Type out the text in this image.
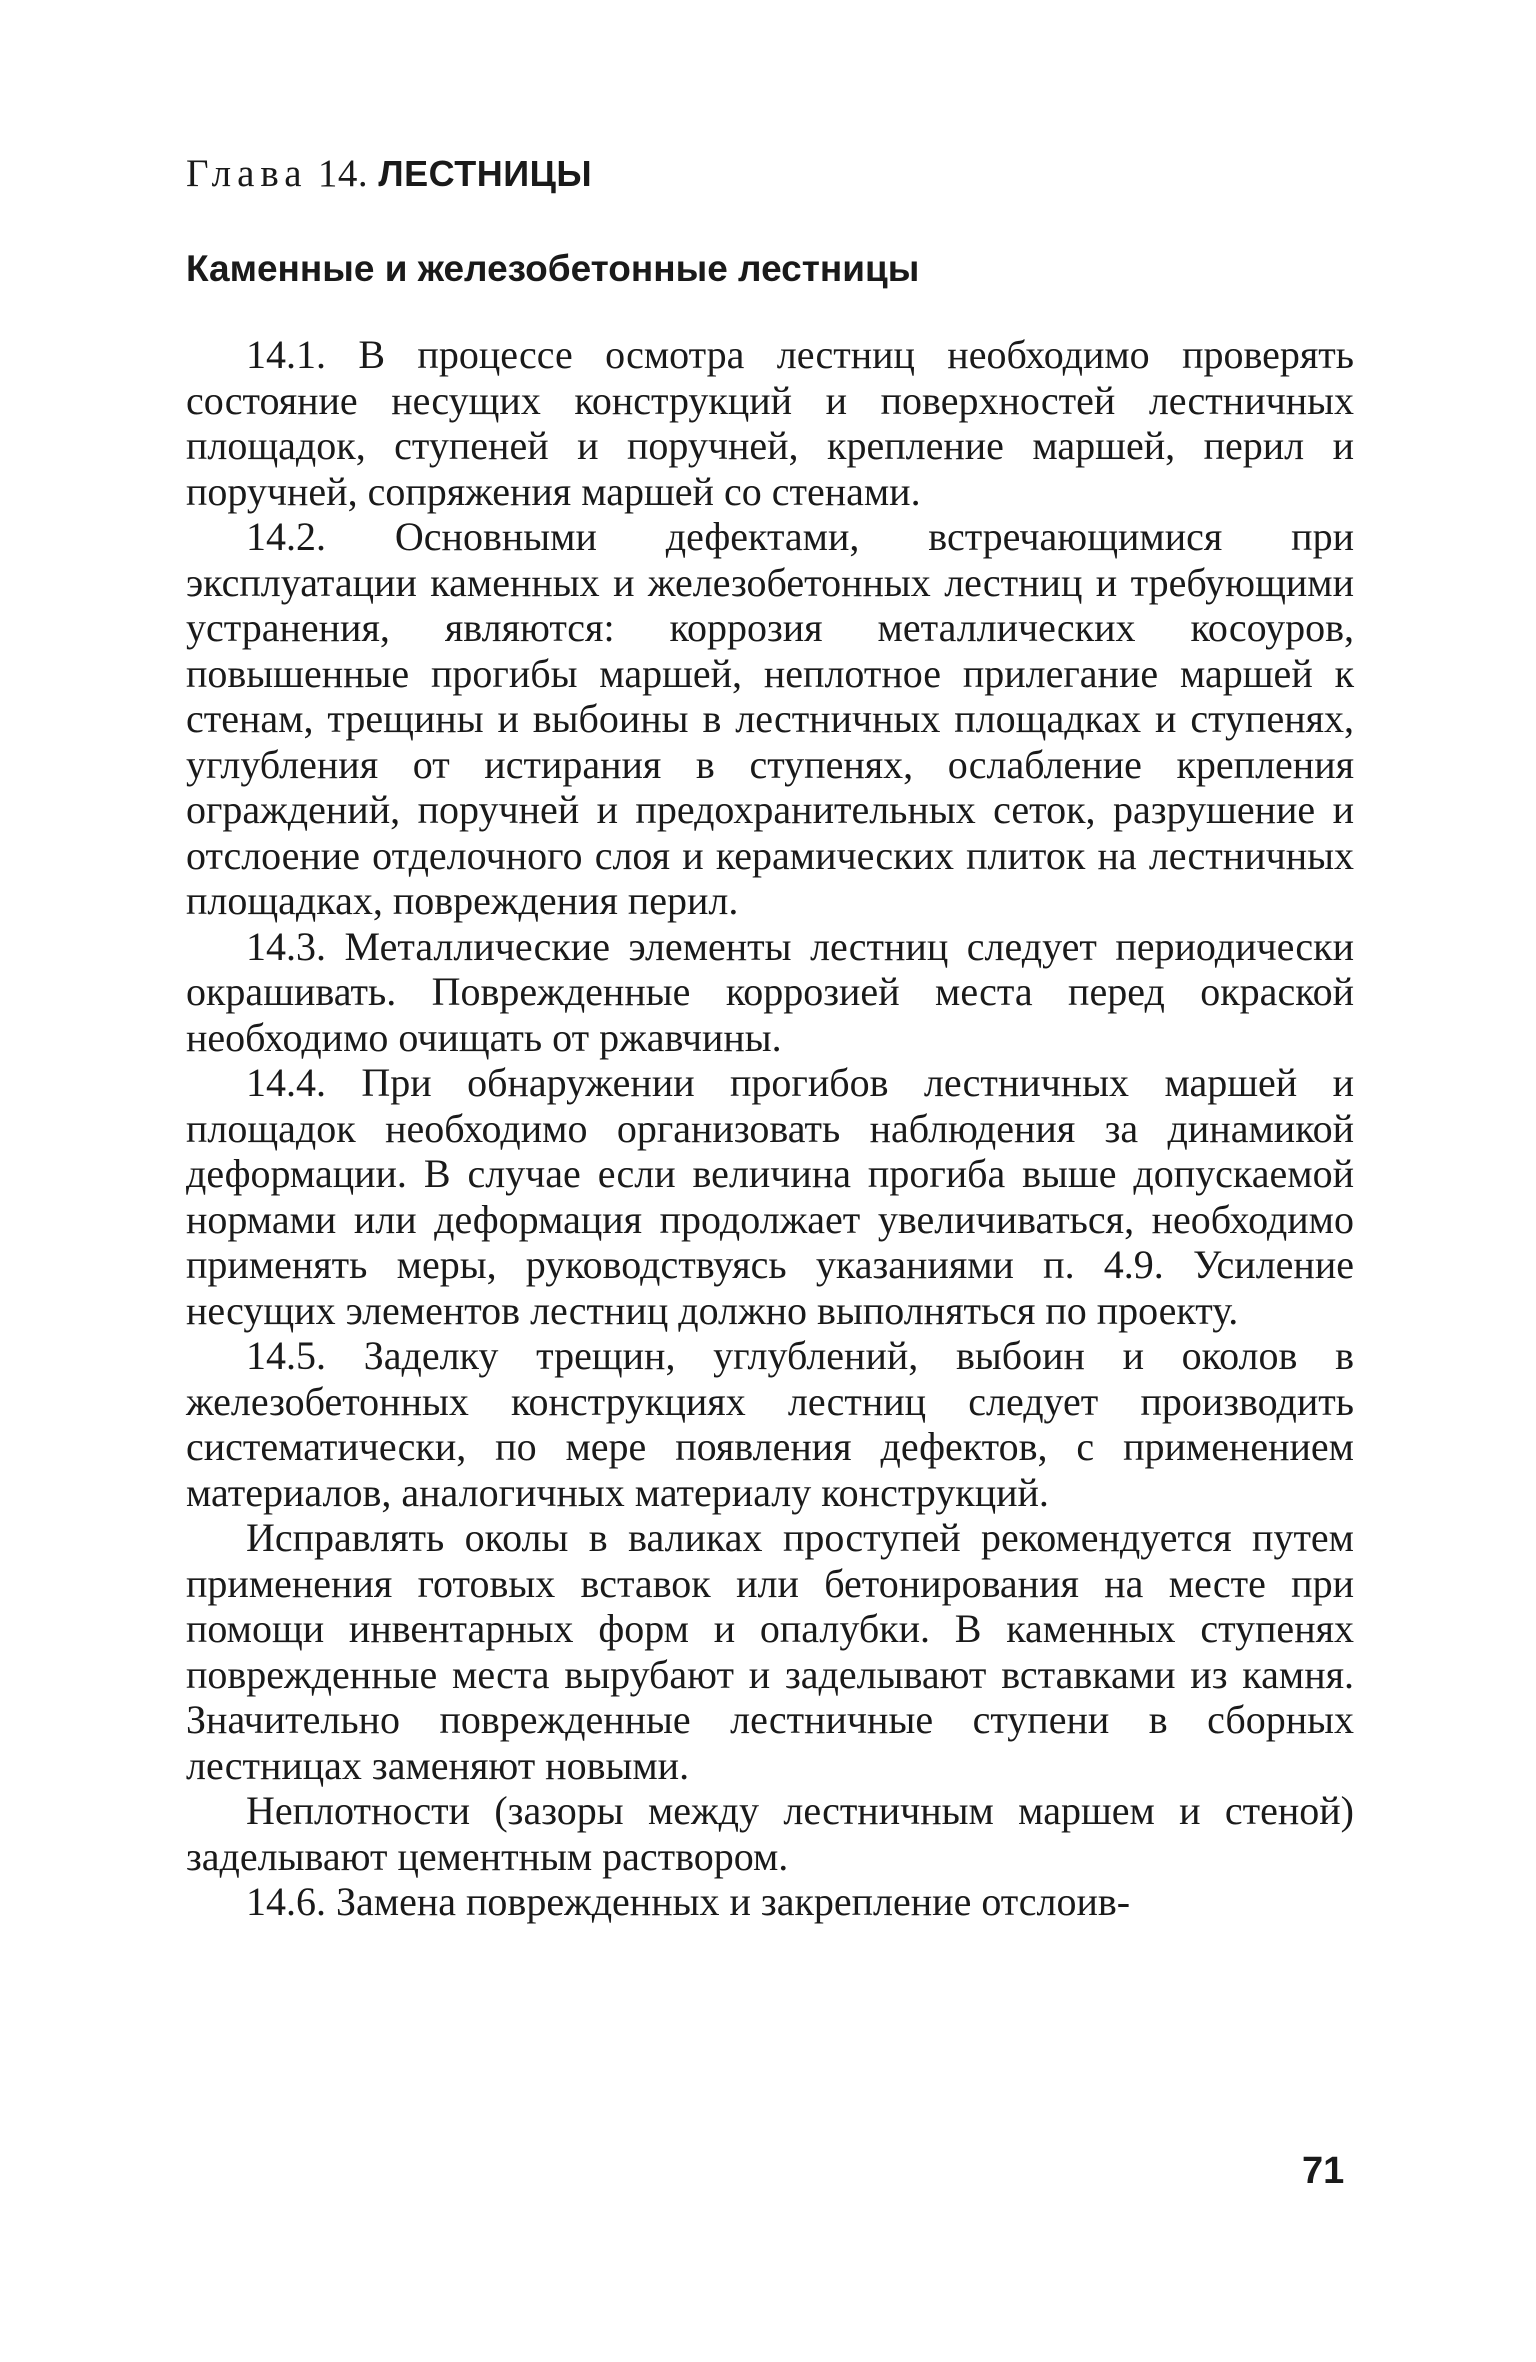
Глава 14. ЛЕСТНИЦЫ
Каменные и железобетонные лестницы

14.1. В процессе осмотра лестниц необходимо проверять состояние несущих конструкций и поверхностей лестничных площадок, ступеней и поручней, крепление маршей, перил и поручней, сопряжения маршей со стенами.

14.2. Основными дефектами, встречающимися при эксплуатации каменных и железобетонных лестниц и требующими устранения, являются: коррозия металлических косоуров, повышенные прогибы маршей, неплотное прилегание маршей к стенам, трещины и выбоины в лестничных площадках и ступенях, углубления от истирания в ступенях, ослабление крепления ограждений, поручней и предохранительных сеток, разрушение и отслоение отделочного слоя и керамических плиток на лестничных площадках, повреждения перил.

14.3. Металлические элементы лестниц следует периодически окрашивать. Поврежденные коррозией места перед окраской необходимо очищать от ржавчины.

14.4. При обнаружении прогибов лестничных маршей и площадок необходимо организовать наблюдения за динамикой деформации. В случае если величина прогиба выше допускаемой нормами или деформация продолжает увеличиваться, необходимо применять меры, руководствуясь указаниями п. 4.9. Усиление несущих элементов лестниц должно выполняться по проекту.

14.5. Заделку трещин, углублений, выбоин и околов в железобетонных конструкциях лестниц следует производить систематически, по мере появления дефектов, с применением материалов, аналогичных материалу конструкций.

Исправлять околы в валиках проступей рекомендуется путем применения готовых вставок или бетонирования на месте при помощи инвентарных форм и опалубки. В каменных ступенях поврежденные места вырубают и заделывают вставками из камня. Значительно поврежденные лестничные ступени в сборных лестницах заменяют новыми.

Неплотности (зазоры между лестничным маршем и стеной) заделывают цементным раствором.

14.6. Замена поврежденных и закрепление отслоив-

71
